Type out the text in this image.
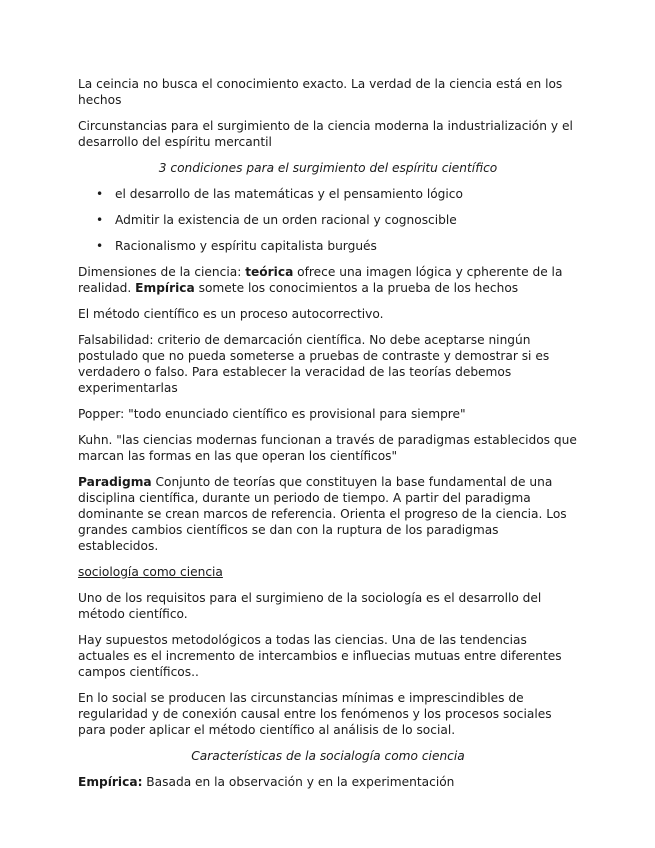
La ceincia no busca el conocimiento exacto. La verdad de la ciencia está en los hechos

Circunstancias para el surgimiento de la ciencia moderna la industrialización y el desarrollo del espíritu mercantil

3 condiciones para el surgimiento del espíritu científico

• el desarrollo de las matemáticas y el pensamiento lógico
• Admitir la existencia de un orden racional y cognoscible
• Racionalismo y espíritu capitalista burgués

Dimensiones de la ciencia: teórica ofrece una imagen lógica y cpherente de la realidad. Empírica somete los conocimientos a la prueba de los hechos

El método científico es un proceso autocorrectivo.

Falsabilidad: criterio de demarcación científica. No debe aceptarse ningún postulado que no pueda someterse a pruebas de contraste y demostrar si es verdadero o falso. Para establecer la veracidad de las teorías debemos experimentarlas

Popper: "todo enunciado científico es provisional para siempre"

Kuhn. "las ciencias modernas funcionan a través de paradigmas establecidos que marcan las formas en las que operan los científicos"

Paradigma Conjunto de teorías que constituyen la base fundamental de una disciplina científica, durante un periodo de tiempo. A partir del paradigma dominante se crean marcos de referencia. Orienta el progreso de la ciencia. Los grandes cambios científicos se dan con la ruptura de los paradigmas establecidos.

sociología como ciencia

Uno de los requisitos para el surgimieno de la sociología es el desarrollo del método científico.

Hay supuestos metodológicos a todas las ciencias. Una de las tendencias actuales es el incremento de intercambios e influecias mutuas entre diferentes campos científicos..

En lo social se producen las circunstancias mínimas e imprescindibles de regularidad y de conexión causal entre los fenómenos y los procesos sociales para poder aplicar el método científico al análisis de lo social.

Características de la socialogía como ciencia

Empírica: Basada en la observación y en la experimentación
